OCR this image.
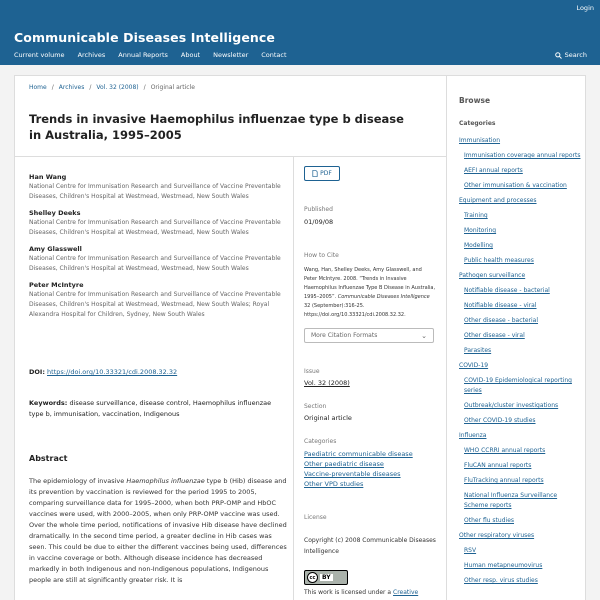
Login
Communicable Diseases Intelligence
Current volume Archives Annual Reports About Newsletter Contact	Search
Home / Archives / Vol. 32 (2008) / Original article
Trends in invasive Haemophilus influenzae type b disease in Australia, 1995–2005
Han Wang
National Centre for Immunisation Research and Surveillance of Vaccine Preventable Diseases, Children's Hospital at Westmead, Westmead, New South Wales
Shelley Deeks
National Centre for Immunisation Research and Surveillance of Vaccine Preventable Diseases, Children's Hospital at Westmead, Westmead, New South Wales
Amy Glasswell
National Centre for Immunisation Research and Surveillance of Vaccine Preventable Diseases, Children's Hospital at Westmead, Westmead, New South Wales
Peter McIntyre
National Centre for Immunisation Research and Surveillance of Vaccine Preventable Diseases, Children's Hospital at Westmead, Westmead, New South Wales; Royal Alexandra Hospital for Children, Sydney, New South Wales
DOI: https://doi.org/10.33321/cdi.2008.32.32
Keywords: disease surveillance, disease control, Haemophilus influenzae type b, immunisation, vaccination, Indigenous
Abstract

The epidemiology of invasive Haemophilus influenzae type b (Hib) disease and its prevention by vaccination is reviewed for the period 1995 to 2005, comparing surveillance data for 1995–2000, when both PRP-OMP and HbOC vaccines were used, with 2000–2005, when only PRP-OMP vaccine was used. Over the whole time period, notifications of invasive Hib disease have declined dramatically. In the second time period, a greater decline in Hib cases was seen. This could be due to either the different vaccines being used, differences in vaccine coverage or both. Although disease incidence has decreased markedly in both Indigenous and non-Indigenous populations, Indigenous people are still at significantly greater risk. It is

PDF
Published
01/09/08
How to Cite
Wang, Han, Shelley Deeks, Amy Glasswell, and Peter McIntyre. 2008. “Trends in Invasive Haemophilus Influenzae Type B Disease in Australia, 1995–2005”. Communicable Diseases Intelligence 32 (September):316-25. https://doi.org/10.33321/cdi.2008.32.32.
More Citation Formats	⌄
Issue
Vol. 32 (2008)
Section
Original article
Categories
Paediatric communicable disease
Other paediatric disease
Vaccine-preventable diseases
Other VPD studies
License
Copyright (c) 2008 Communicable Diseases Intelligence
cc	BY
This work is licensed under a Creative
Browse
Categories
Immunisation
Immunisation coverage annual reports
AEFI annual reports
Other immunisation & vaccination
Equipment and processes
Training
Monitoring
Modelling
Public health measures
Pathogen surveillance
Notifiable disease - bacterial
Notifiable disease - viral
Other disease - bacterial
Other disease - viral
Parasites
COVID-19
COVID-19 Epidemiological reporting series
Outbreak/cluster investigations
Other COVID-19 studies
Influenza
WHO CCRRI annual reports
FluCAN annual reports
FluTracking annual reports
National Influenza Surveillance Scheme reports
Other flu studies
Other respiratory viruses
RSV
Human metapneumovirus
Other resp. virus studies
